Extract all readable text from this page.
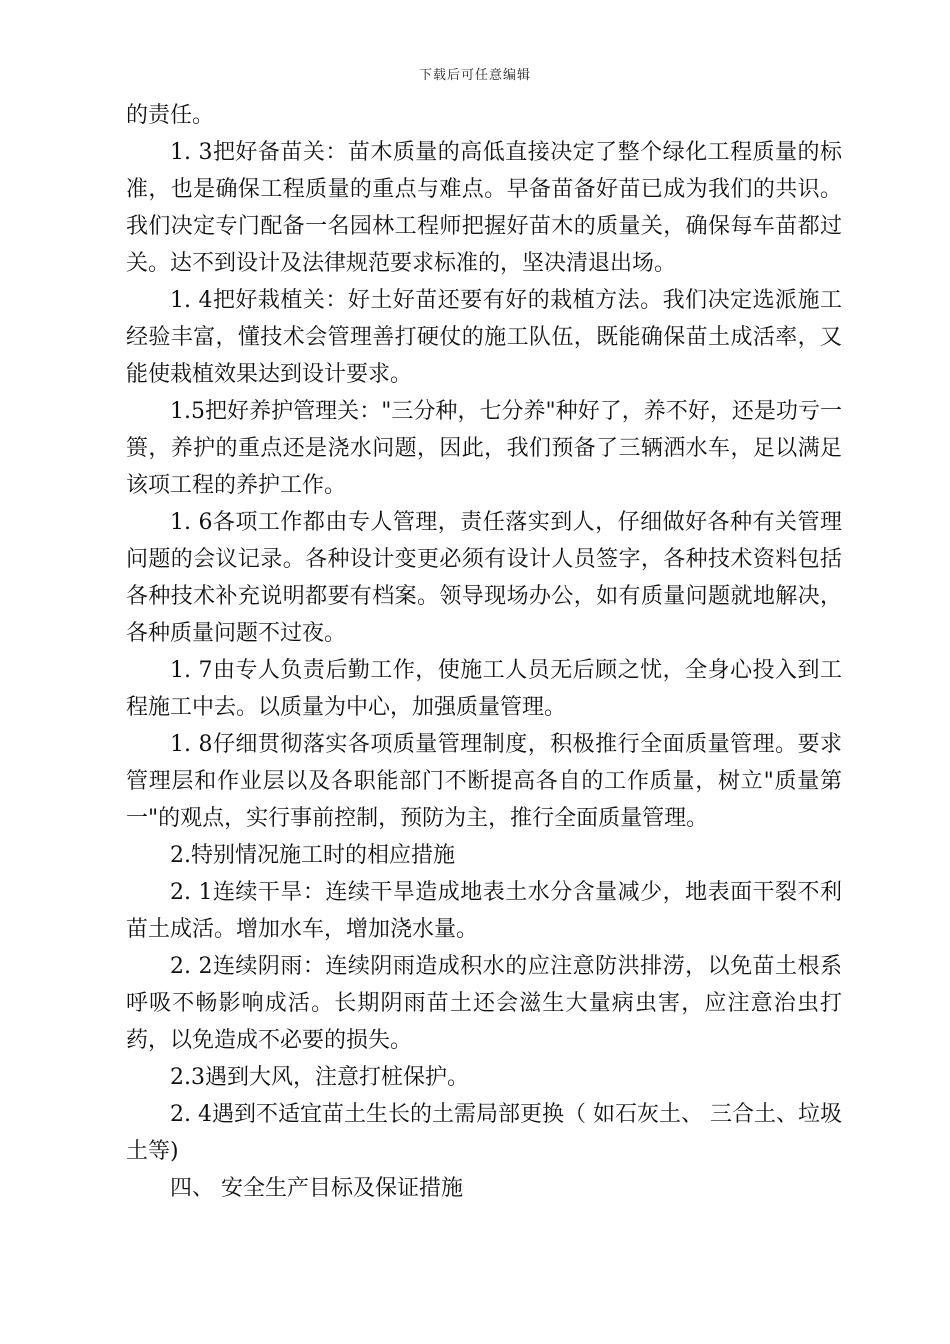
下载后可任意编辑

的责任。

1. 3把好备苗关：苗木质量的高低直接决定了整个绿化工程质量的标准，也是确保工程质量的重点与难点。早备苗备好苗已成为我们的共识。我们决定专门配备一名园林工程师把握好苗木的质量关，确保每车苗都过关。达不到设计及法律规范要求标准的，坚决清退出场。

1. 4把好栽植关：好土好苗还要有好的栽植方法。我们决定选派施工经验丰富，懂技术会管理善打硬仗的施工队伍，既能确保苗土成活率，又能使栽植效果达到设计要求。

1.5把好养护管理关："三分种，七分养"种好了，养不好，还是功亏一篑，养护的重点还是浇水问题，因此，我们预备了三辆洒水车，足以满足该项工程的养护工作。

1. 6各项工作都由专人管理，责任落实到人，仔细做好各种有关管理问题的会议记录。各种设计变更必须有设计人员签字，各种技术资料包括各种技术补充说明都要有档案。领导现场办公，如有质量问题就地解决，各种质量问题不过夜。

1. 7由专人负责后勤工作，使施工人员无后顾之忧，全身心投入到工程施工中去。以质量为中心，加强质量管理。

1. 8仔细贯彻落实各项质量管理制度，积极推行全面质量管理。要求管理层和作业层以及各职能部门不断提高各自的工作质量，树立"质量第一"的观点，实行事前控制，预防为主，推行全面质量管理。

2.特别情况施工时的相应措施

2. 1连续干旱：连续干旱造成地表土水分含量减少，地表面干裂不利苗土成活。增加水车，增加浇水量。

2. 2连续阴雨：连续阴雨造成积水的应注意防洪排涝，以免苗土根系呼吸不畅影响成活。长期阴雨苗土还会滋生大量病虫害，应注意治虫打药，以免造成不必要的损失。

2.3遇到大风，注意打桩保护。

2. 4遇到不适宜苗土生长的土需局部更换（ 如石灰土、 三合土、垃圾土等)

四、 安全生产目标及保证措施
